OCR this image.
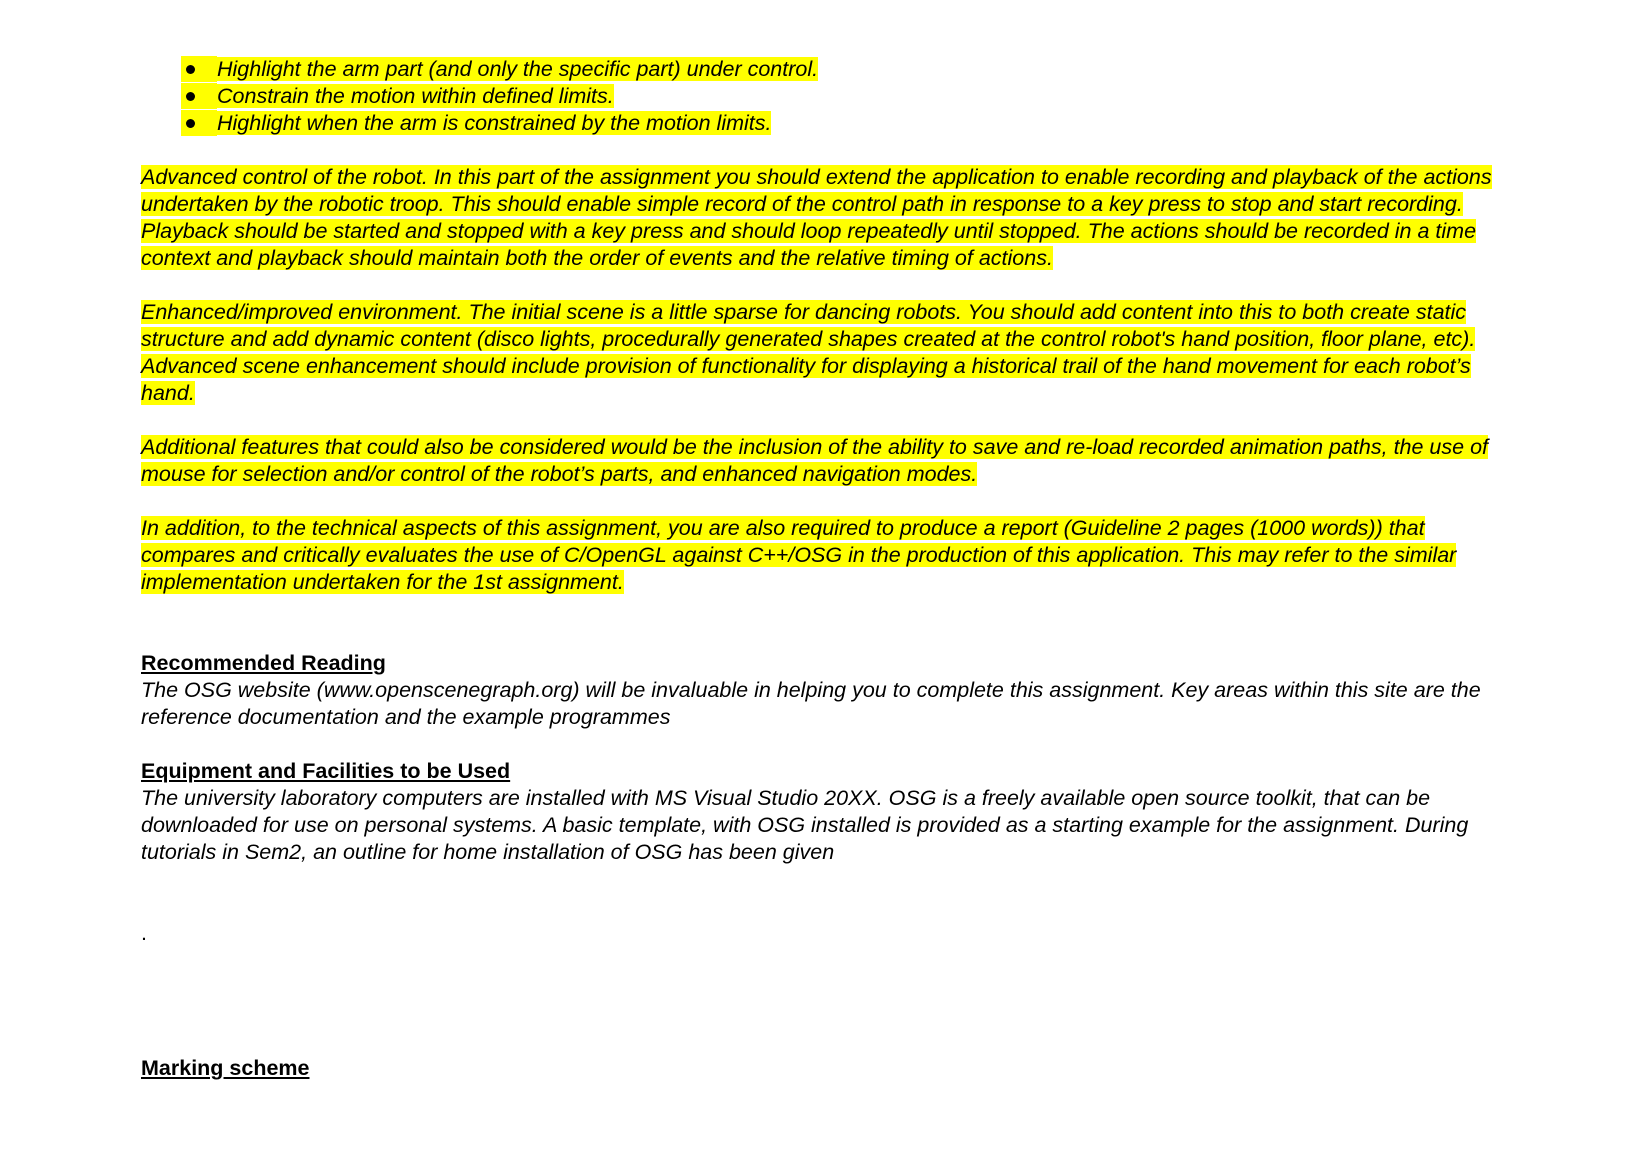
Highlight the arm part (and only the specific part) under control.
Constrain the motion within defined limits.
Highlight when the arm is constrained by the motion limits.

Advanced control of the robot. In this part of the assignment you should extend the application to enable recording and playback of the actions undertaken by the robotic troop. This should enable simple record of the control path in response to a key press to stop and start recording. Playback should be started and stopped with a key press and should loop repeatedly until stopped. The actions should be recorded in a time context and playback should maintain both the order of events and the relative timing of actions.

Enhanced/improved environment. The initial scene is a little sparse for dancing robots. You should add content into this to both create static structure and add dynamic content (disco lights, procedurally generated shapes created at the control robot's hand position, floor plane, etc). Advanced scene enhancement should include provision of functionality for displaying a historical trail of the hand movement for each robot’s hand.

Additional features that could also be considered would be the inclusion of the ability to save and re-load recorded animation paths, the use of mouse for selection and/or control of the robot’s parts, and enhanced navigation modes.

In addition, to the technical aspects of this assignment, you are also required to produce a report (Guideline 2 pages (1000 words)) that compares and critically evaluates the use of C/OpenGL against C++/OSG in the production of this application. This may refer to the similar implementation undertaken for the 1st assignment.

Recommended Reading

The OSG website (www.openscenegraph.org) will be invaluable in helping you to complete this assignment. Key areas within this site are the reference documentation and the example programmes

Equipment and Facilities to be Used

The university laboratory computers are installed with MS Visual Studio 20XX. OSG is a freely available open source toolkit, that can be downloaded for use on personal systems. A basic template, with OSG installed is provided as a starting example for the assignment. During tutorials in Sem2, an outline for home installation of OSG has been given

.

Marking scheme
